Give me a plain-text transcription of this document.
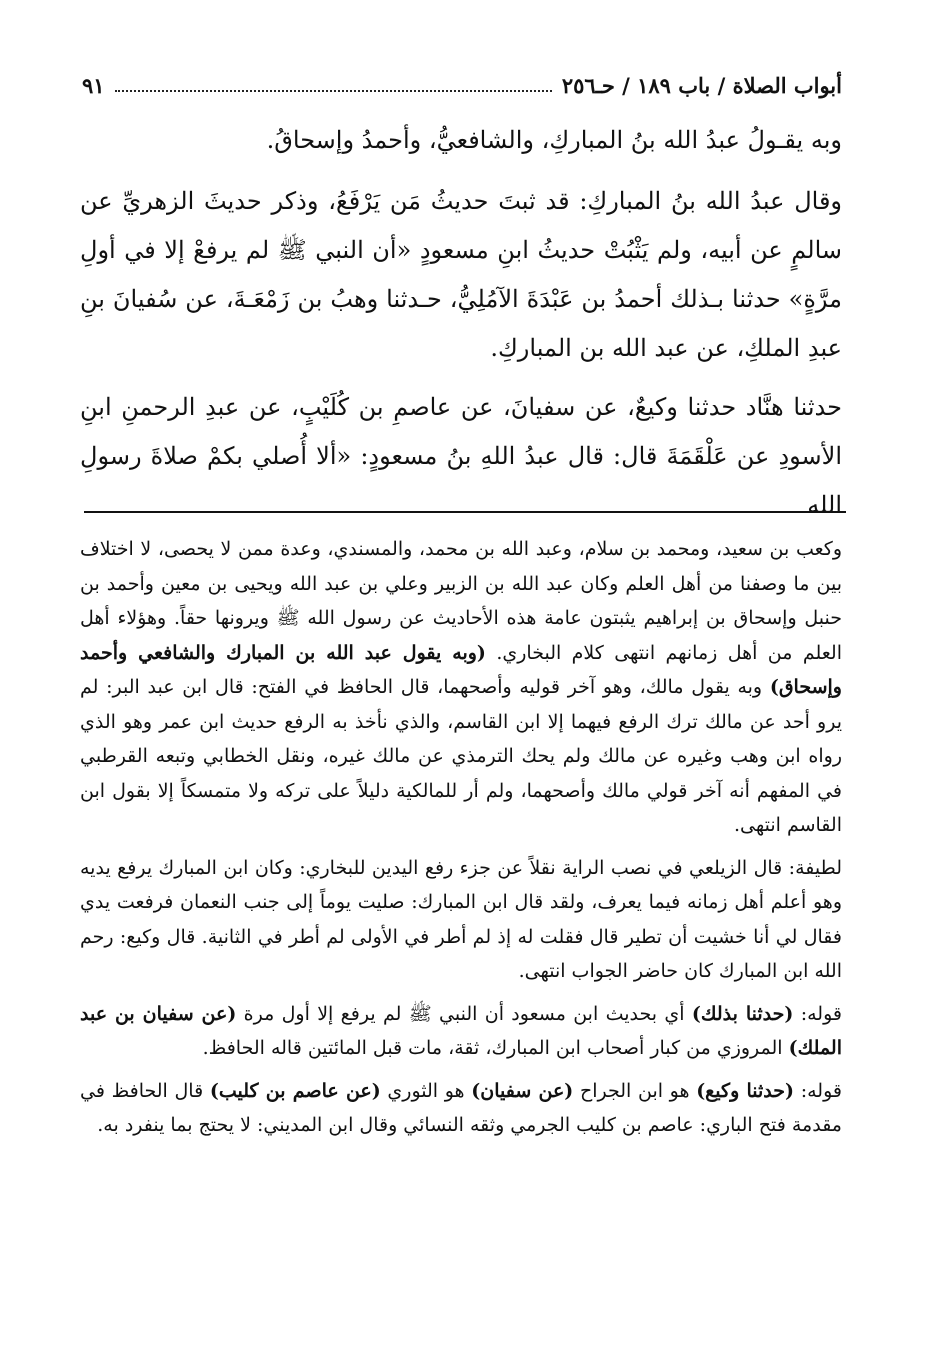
أبواب الصلاة / باب ١٨٩ / حـ٢٥٦
٩١

وبه يقـولُ عبدُ الله بنُ المباركِ، والشافعيُّ، وأحمدُ وإسحاقُ.

وقال عبدُ الله بنُ المباركِ: قد ثبتَ حديثُ مَن يَرْفَعُ، وذكر حديثَ الزهريِّ عن سالمٍ عن أبيه، ولم يَثْبُتْ حديثُ ابنِ مسعودٍ «أن النبي ﷺ لم يرفعْ إلا في أولِ مرَّةٍ» حدثنا بـذلك أحمدُ بن عَبْدَةَ الآمُلِيُّ، حـدثنا وهبُ بن زَمْعَـةَ، عن سُفيانَ بنِ عبدِ الملكِ، عن عبد الله بن المباركِ.

حدثنا هنَّاد حدثنا وكيعٌ، عن سفيانَ، عن عاصمِ بن كُلَيْبٍ، عن عبدِ الرحمنِ ابنِ الأسودِ عن عَلْقَمَةَ قال: قال عبدُ اللهِ بنُ مسعودٍ: «ألا أُصلي بكمْ صلاةَ رسولِ الله

وكعب بن سعيد، ومحمد بن سلام، وعبد الله بن محمد، والمسندي، وعدة ممن لا يحصى، لا اختلاف بين ما وصفنا من أهل العلم وكان عبد الله بن الزبير وعلي بن عبد الله ويحيى بن معين وأحمد بن حنبل وإسحاق بن إبراهيم يثبتون عامة هذه الأحاديث عن رسول الله ﷺ ويرونها حقاً. وهؤلاء أهل العلم من أهل زمانهم انتهى كلام البخاري. (وبه يقول عبد الله بن المبارك والشافعي وأحمد وإسحاق) وبه يقول مالك، وهو آخر قوليه وأصحهما، قال الحافظ في الفتح: قال ابن عبد البر: لم يرو أحد عن مالك ترك الرفع فيهما إلا ابن القاسم، والذي نأخذ به الرفع حديث ابن عمر وهو الذي رواه ابن وهب وغيره عن مالك ولم يحك الترمذي عن مالك غيره، ونقل الخطابي وتبعه القرطبي في المفهم أنه آخر قولي مالك وأصحهما، ولم أر للمالكية دليلاً على تركه ولا متمسكاً إلا بقول ابن القاسم انتهى.

لطيفة: قال الزيلعي في نصب الراية نقلاً عن جزء رفع اليدين للبخاري: وكان ابن المبارك يرفع يديه وهو أعلم أهل زمانه فيما يعرف، ولقد قال ابن المبارك: صليت يوماً إلى جنب النعمان فرفعت يدي فقال لي أنا خشيت أن تطير قال فقلت له إذ لم أطر في الأولى لم أطر في الثانية. قال وكيع: رحم الله ابن المبارك كان حاضر الجواب انتهى.

قوله: (حدثنا بذلك) أي بحديث ابن مسعود أن النبي ﷺ لم يرفع إلا أول مرة (عن سفيان بن عبد الملك) المروزي من كبار أصحاب ابن المبارك، ثقة، مات قبل المائتين قاله الحافظ.

قوله: (حدثنا وكيع) هو ابن الجراح (عن سفيان) هو الثوري (عن عاصم بن كليب) قال الحافظ في مقدمة فتح الباري: عاصم بن كليب الجرمي وثقه النسائي وقال ابن المديني: لا يحتج بما ينفرد به.
